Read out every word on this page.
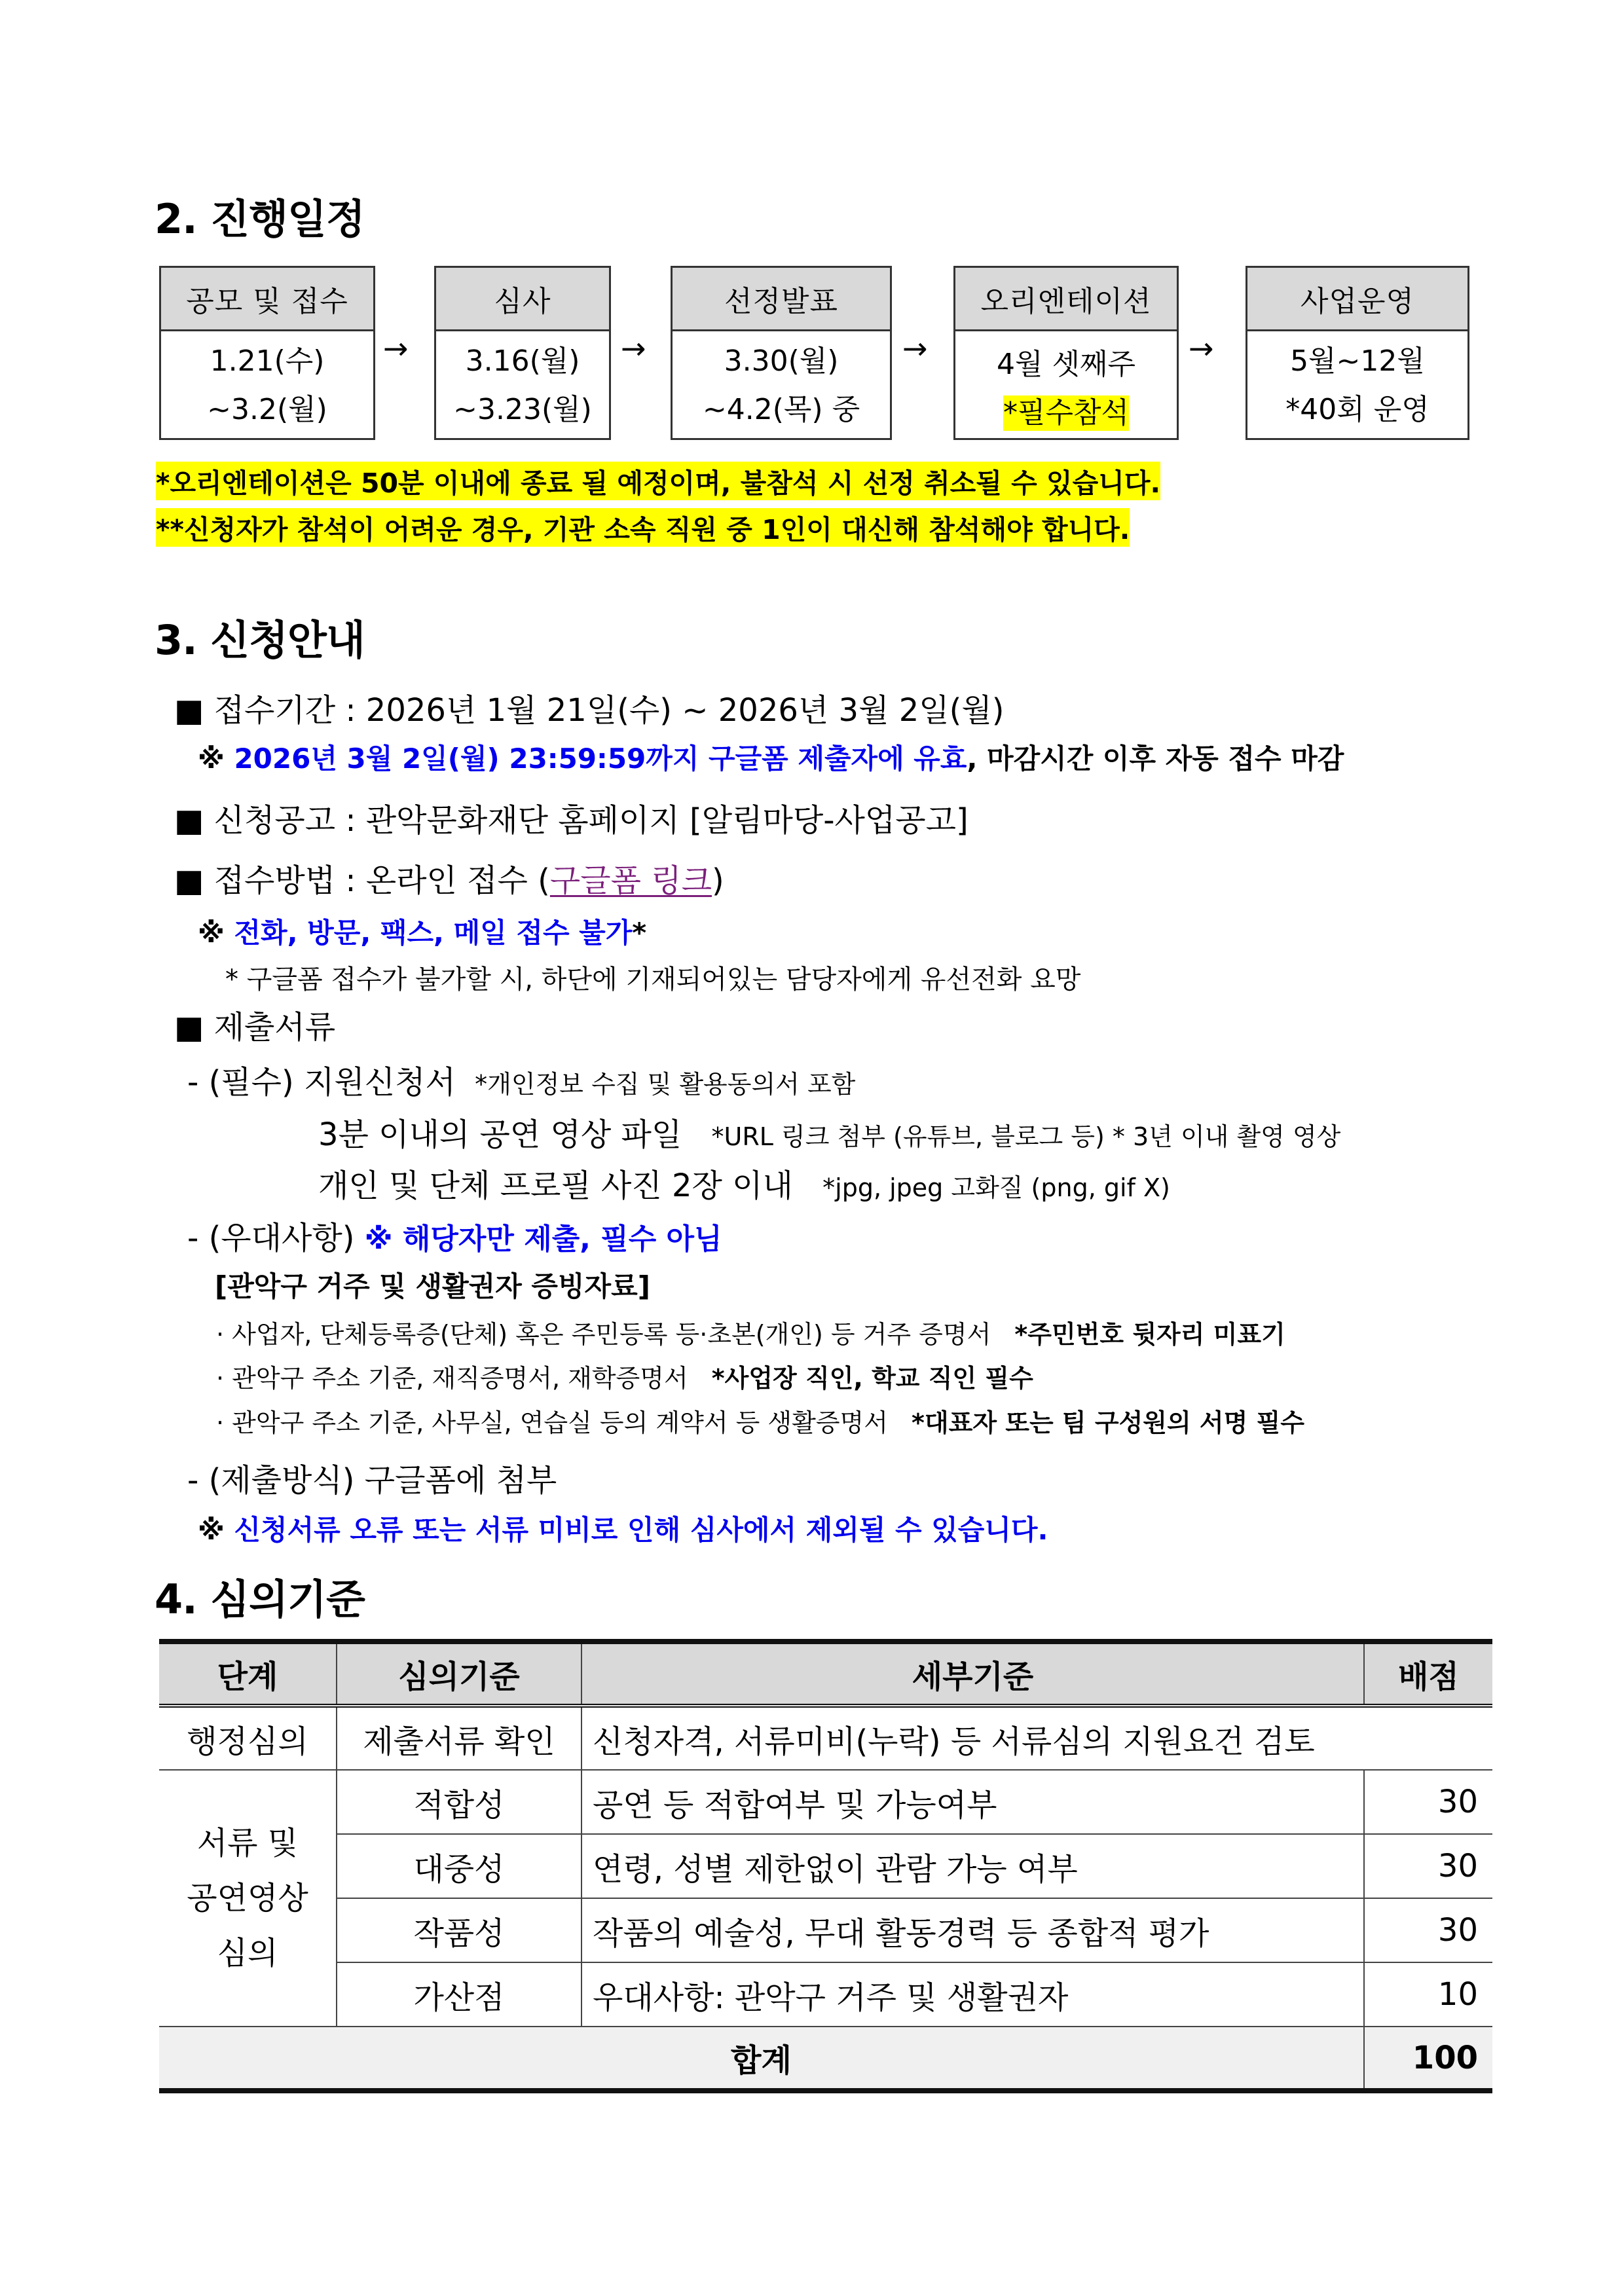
2. 진행일정
공모 및 접수
1.21(수)
~3.2(월)
→
심사
3.16(월)
~3.23(월)
→
선정발표
3.30(월)
~4.2(목) 중
→
오리엔테이션
4월 셋째주
*필수참석
→
사업운영
5월~12월
*40회 운영
*오리엔테이션은 50분 이내에 종료 될 예정이며, 불참석 시 선정 취소될 수 있습니다.
**신청자가 참석이 어려운 경우, 기관 소속 직원 중 1인이 대신해 참석해야 합니다.
3. 신청안내
■ 접수기간 : 2026년 1월 21일(수) ~ 2026년 3월 2일(월)
※ 2026년 3월 2일(월) 23:59:59까지 구글폼 제출자에 유효, 마감시간 이후 자동 접수 마감
■ 신청공고 : 관악문화재단 홈페이지 [알림마당-사업공고]
■ 접수방법 : 온라인 접수 (구글폼 링크)
※ 전화, 방문, 팩스, 메일 접수 불가*
* 구글폼 접수가 불가할 시, 하단에 기재되어있는 담당자에게 유선전화 요망
■ 제출서류
- (필수) 지원신청서 *개인정보 수집 및 활용동의서 포함
3분 이내의 공연 영상 파일 *URL 링크 첨부 (유튜브, 블로그 등) * 3년 이내 촬영 영상
개인 및 단체 프로필 사진 2장 이내 *jpg, jpeg 고화질 (png, gif X)
- (우대사항) ※ 해당자만 제출, 필수 아님
[관악구 거주 및 생활권자 증빙자료]
· 사업자, 단체등록증(단체) 혹은 주민등록 등·초본(개인) 등 거주 증명서 *주민번호 뒷자리 미표기
· 관악구 주소 기준, 재직증명서, 재학증명서 *사업장 직인, 학교 직인 필수
· 관악구 주소 기준, 사무실, 연습실 등의 계약서 등 생활증명서 *대표자 또는 팀 구성원의 서명 필수
- (제출방식) 구글폼에 첨부
※ 신청서류 오류 또는 서류 미비로 인해 심사에서 제외될 수 있습니다.
4. 심의기준
단계	심의기준	세부기준	배점
행정심의	제출서류 확인	신청자격, 서류미비(누락) 등 서류심의 지원요건 검토	

서류 및
공연영상
심의	적합성	공연 등 적합여부 및 가능여부	30
	대중성	연령, 성별 제한없이 관람 가능 여부	30
	작품성	작품의 예술성, 무대 활동경력 등 종합적 평가	30
	가산점	우대사항: 관악구 거주 및 생활권자	10
합계			100
